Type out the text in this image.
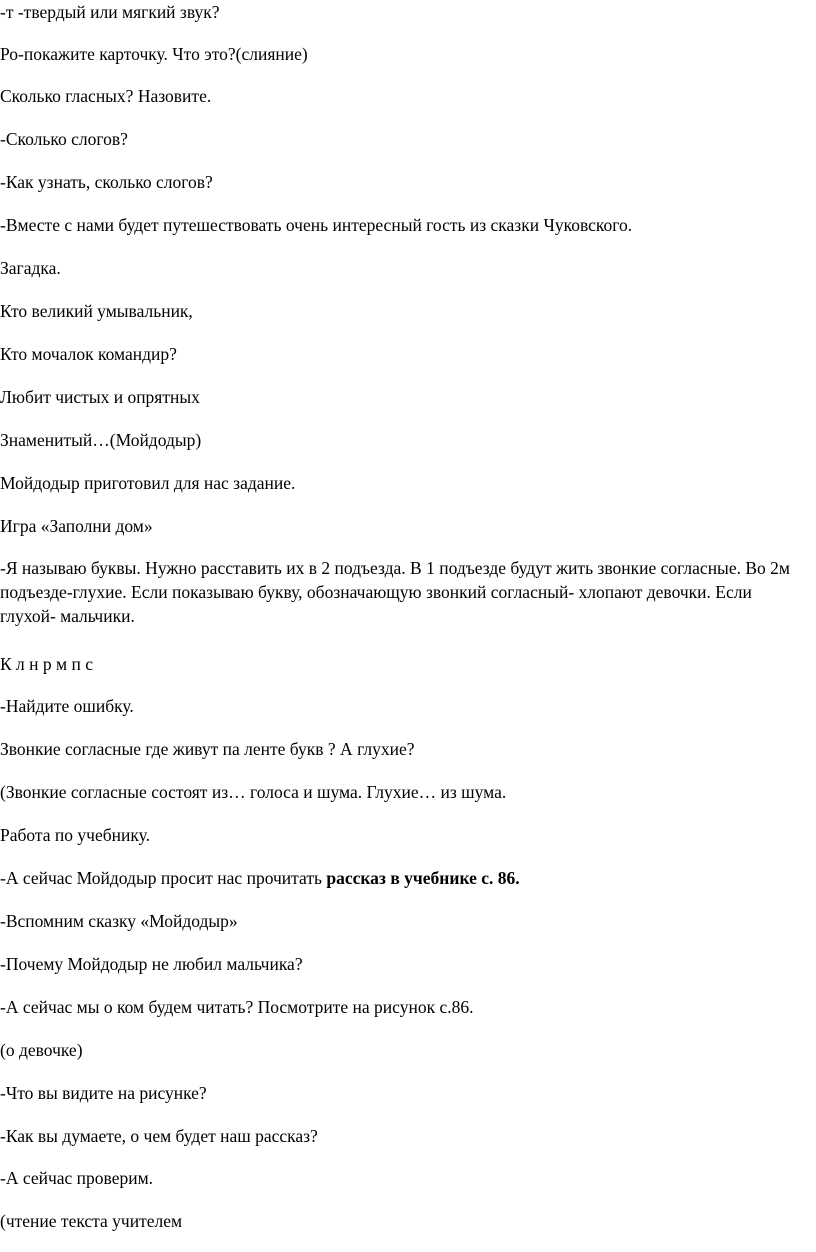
-т -твердый или мягкий звук?
Ро-покажите карточку. Что это?(слияние)
Сколько гласных? Назовите.
-Сколько слогов?
-Как узнать, сколько слогов?
-Вместе с нами будет путешествовать очень интересный гость из сказки Чуковского.
Загадка.
Кто великий умывальник,
Кто мочалок командир?
Любит чистых и опрятных
Знаменитый…(Мойдодыр)
Мойдодыр приготовил для нас задание.
Игра «Заполни дом»
-Я называю буквы. Нужно расставить их в 2 подъезда. В 1 подъезде будут жить звонкие согласные. Во 2м подъезде-глухие. Если показываю букву, обозначающую звонкий согласный- хлопают девочки. Если глухой- мальчики.
К л н р м п с
-Найдите ошибку.
Звонкие согласные где живут па ленте букв ? А глухие?
(Звонкие согласные состоят из… голоса и шума. Глухие… из шума.
Работа по учебнику.
-А сейчас Мойдодыр просит нас прочитать рассказ в учебнике с. 86.
-Вспомним сказку «Мойдодыр»
-Почему Мойдодыр не любил мальчика?
-А сейчас мы о ком будем читать? Посмотрите на рисунок с.86.
(о девочке)
-Что вы видите на рисунке?
-Как вы думаете, о чем будет наш рассказ?
-А сейчас проверим.
(чтение текста учителем
